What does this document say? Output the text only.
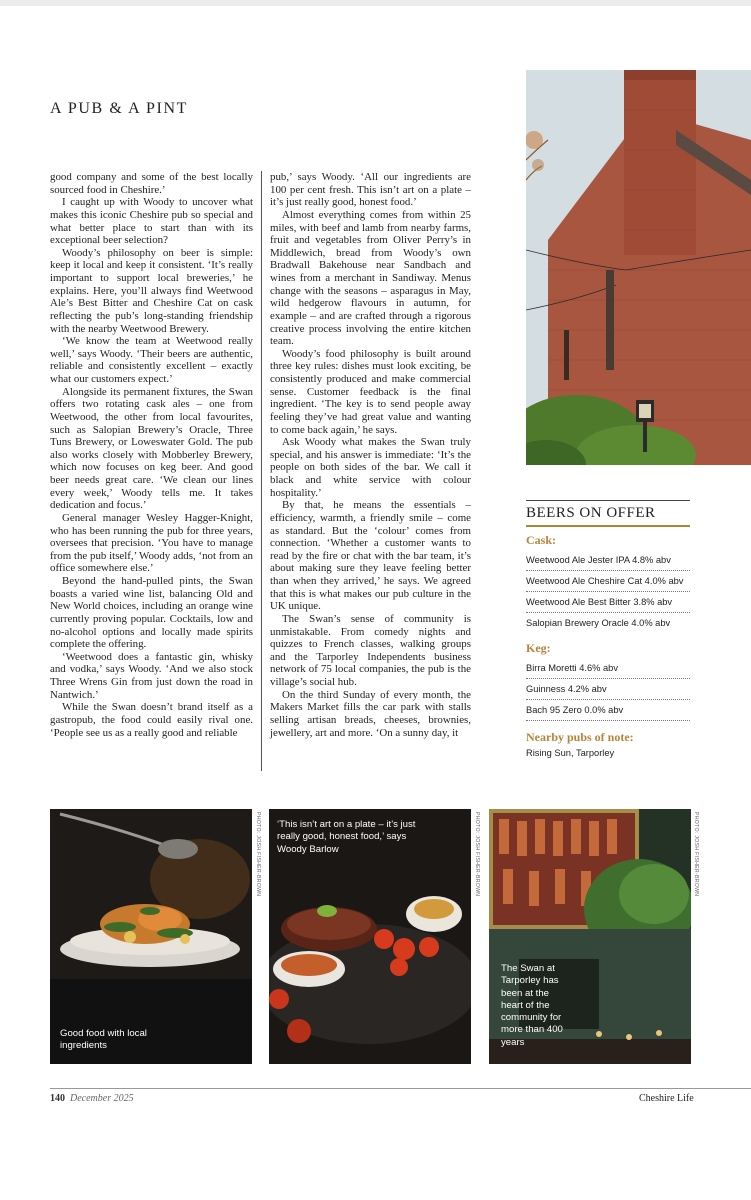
A PUB & A PINT

good company and some of the best locally sourced food in Cheshire.’

I caught up with Woody to uncover what makes this iconic Cheshire pub so special and what better place to start than with its exceptional beer selection?

Woody’s philosophy on beer is simple: keep it local and keep it consistent. ‘It’s really important to support local breweries,’ he explains. Here, you’ll always find Weetwood Ale’s Best Bitter and Cheshire Cat on cask reflecting the pub’s long-standing friendship with the nearby Weetwood Brewery.

‘We know the team at Weetwood really well,’ says Woody. ‘Their beers are authentic, reliable and consistently excellent – exactly what our customers expect.’

Alongside its permanent fixtures, the Swan offers two rotating cask ales – one from Weetwood, the other from local favourites, such as Salopian Brewery’s Oracle, Three Tuns Brewery, or Loweswater Gold. The pub also works closely with Mobberley Brewery, which now focuses on keg beer. And good beer needs great care. ‘We clean our lines every week,’ Woody tells me. It takes dedication and focus.’

General manager Wesley Hagger-Knight, who has been running the pub for three years, oversees that precision. ‘You have to manage from the pub itself,’ Woody adds, ‘not from an office somewhere else.’

Beyond the hand-pulled pints, the Swan boasts a varied wine list, balancing Old and New World choices, including an orange wine currently proving popular. Cocktails, low and no-alcohol options and locally made spirits complete the offering.

‘Weetwood does a fantastic gin, whisky and vodka,’ says Woody. ‘And we also stock Three Wrens Gin from just down the road in Nantwich.’

While the Swan doesn’t brand itself as a gastropub, the food could easily rival one. ‘People see us as a really good and reliable

pub,’ says Woody. ‘All our ingredients are 100 per cent fresh. This isn’t art on a plate – it’s just really good, honest food.’

Almost everything comes from within 25 miles, with beef and lamb from nearby farms, fruit and vegetables from Oliver Perry’s in Middlewich, bread from Woody’s own Bradwall Bakehouse near Sandbach and wines from a merchant in Sandiway. Menus change with the seasons – asparagus in May, wild hedgerow flavours in autumn, for example – and are crafted through a rigorous creative process involving the entire kitchen team.

Woody’s food philosophy is built around three key rules: dishes must look exciting, be consistently produced and make commercial sense. Customer feedback is the final ingredient. ‘The key is to send people away feeling they’ve had great value and wanting to come back again,’ he says.

Ask Woody what makes the Swan truly special, and his answer is immediate: ‘It’s the people on both sides of the bar. We call it black and white service with colour hospitality.’

By that, he means the essentials – efficiency, warmth, a friendly smile – come as standard. But the ‘colour’ comes from connection. ‘Whether a customer wants to read by the fire or chat with the bar team, it’s about making sure they leave feeling better than when they arrived,’ he says. We agreed that this is what makes our pub culture in the UK unique.

The Swan’s sense of community is unmistakable. From comedy nights and quizzes to French classes, walking groups and the Tarporley Independents business network of 75 local companies, the pub is the village’s social hub.

On the third Sunday of every month, the Makers Market fills the car park with stalls selling artisan breads, cheeses, brownies, jewellery, art and more. ‘On a sunny day, it

BEERS ON OFFER
Cask:
Weetwood Ale Jester IPA 4.8% abv
Weetwood Ale Cheshire Cat 4.0% abv
Weetwood Ale Best Bitter 3.8% abv
Salopian Brewery Oracle 4.0% abv
Keg:
Birra Moretti 4.6% abv
Guinness 4.2% abv
Bach 95 Zero 0.0% abv
Nearby pubs of note:
Rising Sun, Tarporley
Good food with local ingredients
PHOTO: JOSH FISHER-BROWN ‘This isn’t art on a plate – it’s just really good, honest food,’ says Woody Barlow	PHOTO: JOSH FISHER-BROWN
The Swan at Tarporley has been at the heart of the community for more than 400 years
PHOTO: JOSH FISHER-BROWN
140 December 2025	Cheshire Life
